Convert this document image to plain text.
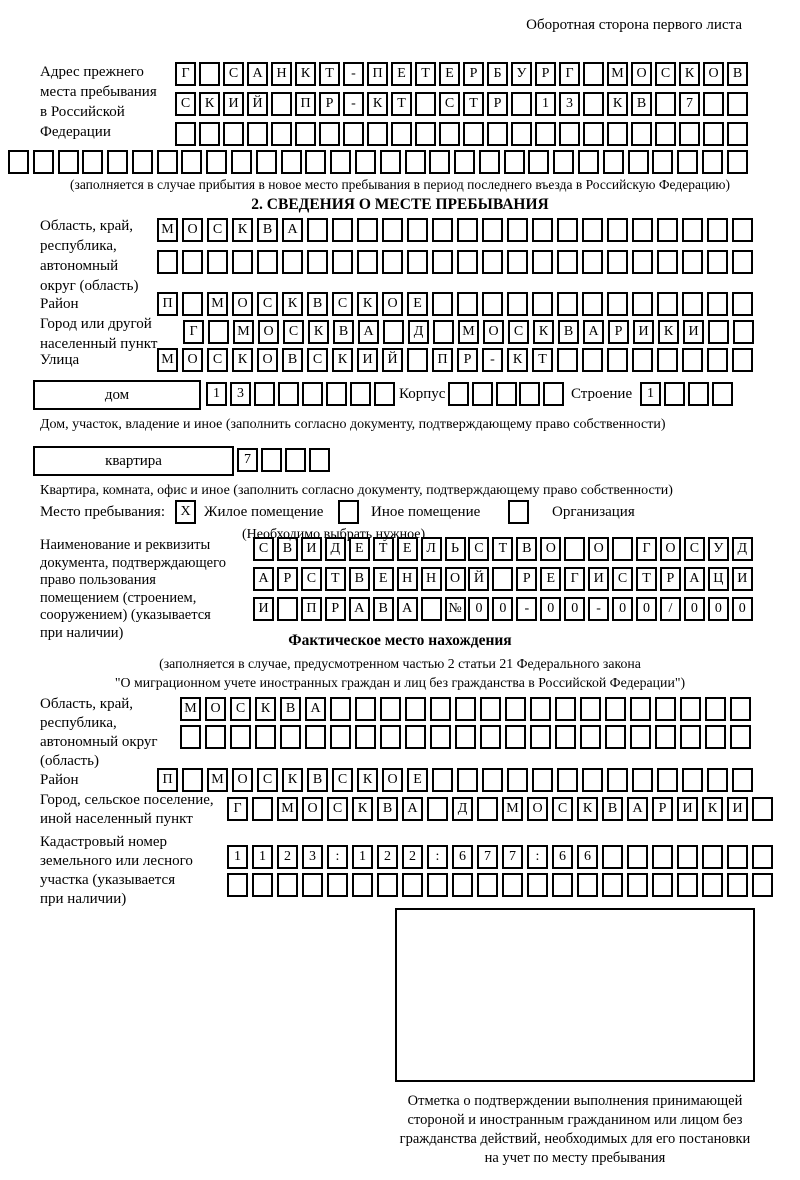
Оборотная сторона первого листа
Адрес прежнего
места пребывания
в Российской
Федерации
Г	С	А Н	К	Т	-	П	Е	Т	Е	Р	Б	У	Р	Г	М О	С	К	О	В
С	К	И Й	П	Р	-	К	Т	С	Т	Р	1	3	К	В	7
(заполняется в случае прибытия в новое место пребывания в период последнего въезда в Российскую Федерацию)
2. СВЕДЕНИЯ О МЕСТЕ ПРЕБЫВАНИЯ
Область, край,
республика,
автономный
округ (область)
М О	С	К	В	А
Район	П	М О	С	К	В	С	К	О	Е
Город или другой
населенный пункт
Г	М О	С	К	В	А	Д	М О	С	К	В	А	Р	И	К	И
Улица	М О	С	К	О	В	С	К	И	Й	П	Р	-	К	Т
дом	1	3	Корпус	Строение	1
Дом, участок, владение и иное (заполнить согласно документу, подтверждающему право собственности)
квартира	7
Квартира, комната, офис и иное (заполнить согласно документу, подтверждающему право собственности)
Место пребывания:	X Жилое помещение	Иное помещение	Организация
(Необходимо выбрать нужное)
Наименование и реквизиты
документа, подтверждающего
право пользования
помещением (строением,
сооружением) (указывается
при наличии)
С	В	И	Д	Е	Т	Е	Л	Ь	С	Т	В	О	О	Г	О	С	У	Д
А	Р	С	Т	В	Е	Н Н О Й	Р	Е	Г	И	С	Т	Р	А Ц И
И	П	Р	А	В	А	№ 0	0	-	0	0	-	0	0	/	0	0	0
Фактическое место нахождения
(заполняется в случае, предусмотренном частью 2 статьи 21 Федерального закона
"О миграционном учете иностранных граждан и лиц без гражданства в Российской Федерации")
Область, край,
республика,
автономный округ
(область)
М О	С	К	В	А
Район	П	М О	С	К	В	С	К	О	Е
Город, сельское поселение,
иной населенный пункт
Г	М О	С	К	В	А	Д	М О	С	К	В	А	Р	И	К	И
Кадастровый номер
земельного или лесного
участка (указывается
при наличии)
1	1	2	3	:	1	2	2	:	6	7	7	:	6	6
Отметка о подтверждении выполнения принимающей
стороной и иностранным гражданином или лицом без
гражданства действий, необходимых для его постановки
на учет по месту пребывания
